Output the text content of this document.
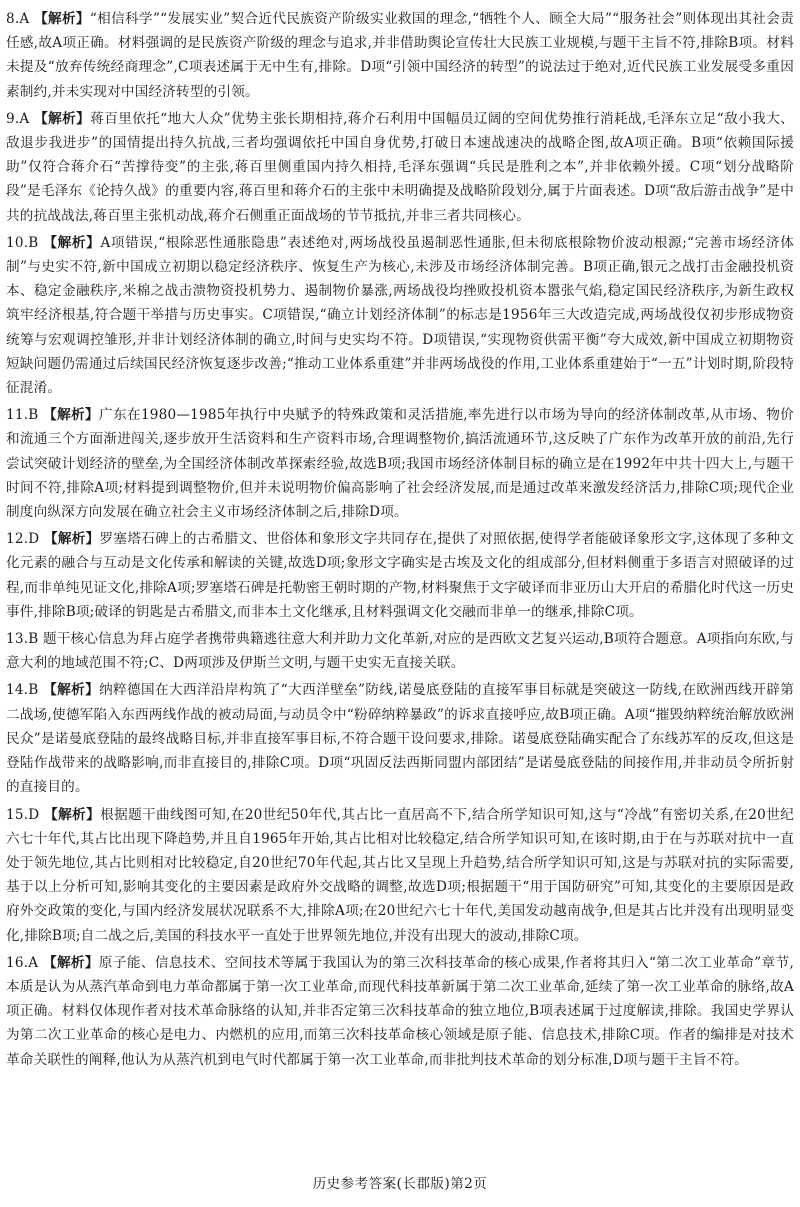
8.A 【解析】“相信科学”“发展实业”契合近代民族资产阶级实业救国的理念,“牺牲个人、顾全大局”“服务社会”则体现出其社会责任感,故A项正确。材料强调的是民族资产阶级的理念与追求,并非借助舆论宣传壮大民族工业规模,与题干主旨不符,排除B项。材料未提及“放弃传统经商理念”,C项表述属于无中生有,排除。D项“引领中国经济的转型”的说法过于绝对,近代民族工业发展受多重因素制约,并未实现对中国经济转型的引领。

9.A 【解析】蒋百里依托“地大人众”优势主张长期相持,蒋介石利用中国幅员辽阔的空间优势推行消耗战,毛泽东立足“敌小我大、敌退步我进步”的国情提出持久抗战,三者均强调依托中国自身优势,打破日本速战速决的战略企图,故A项正确。B项“依赖国际援助”仅符合蒋介石“苦撑待变”的主张,蒋百里侧重国内持久相持,毛泽东强调“兵民是胜利之本”,并非依赖外援。C项“划分战略阶段”是毛泽东《论持久战》的重要内容,蒋百里和蒋介石的主张中未明确提及战略阶段划分,属于片面表述。D项“敌后游击战争”是中共的抗战战法,蒋百里主张机动战,蒋介石侧重正面战场的节节抵抗,并非三者共同核心。

10.B 【解析】A项错误,“根除恶性通胀隐患”表述绝对,两场战役虽遏制恶性通胀,但未彻底根除物价波动根源;“完善市场经济体制”与史实不符,新中国成立初期以稳定经济秩序、恢复生产为核心,未涉及市场经济体制完善。B项正确,银元之战打击金融投机资本、稳定金融秩序,米棉之战击溃物资投机势力、遏制物价暴涨,两场战役均挫败投机资本嚣张气焰,稳定国民经济秩序,为新生政权筑牢经济根基,符合题干举措与历史事实。C项错误,“确立计划经济体制”的标志是1956年三大改造完成,两场战役仅初步形成物资统筹与宏观调控雏形,并非计划经济体制的确立,时间与史实均不符。D项错误,“实现物资供需平衡”夸大成效,新中国成立初期物资短缺问题仍需通过后续国民经济恢复逐步改善;“推动工业体系重建”并非两场战役的作用,工业体系重建始于“一五”计划时期,阶段特征混淆。

11.B 【解析】广东在1980—1985年执行中央赋予的特殊政策和灵活措施,率先进行以市场为导向的经济体制改革,从市场、物价和流通三个方面渐进闯关,逐步放开生活资料和生产资料市场,合理调整物价,搞活流通环节,这反映了广东作为改革开放的前沿,先行尝试突破计划经济的壁垒,为全国经济体制改革探索经验,故选B项;我国市场经济体制目标的确立是在1992年中共十四大上,与题干时间不符,排除A项;材料提到调整物价,但并未说明物价偏高影响了社会经济发展,而是通过改革来激发经济活力,排除C项;现代企业制度向纵深方向发展在确立社会主义市场经济体制之后,排除D项。

12.D 【解析】罗塞塔石碑上的古希腊文、世俗体和象形文字共同存在,提供了对照依据,使得学者能破译象形文字,这体现了多种文化元素的融合与互动是文化传承和解读的关键,故选D项;象形文字确实是古埃及文化的组成部分,但材料侧重于多语言对照破译的过程,而非单纯见证文化,排除A项;罗塞塔石碑是托勒密王朝时期的产物,材料聚焦于文字破译而非亚历山大开启的希腊化时代这一历史事件,排除B项;破译的钥匙是古希腊文,而非本土文化继承,且材料强调文化交融而非单一的继承,排除C项。

13.B 题干核心信息为拜占庭学者携带典籍逃往意大利并助力文化革新,对应的是西欧文艺复兴运动,B项符合题意。A项指向东欧,与意大利的地域范围不符;C、D两项涉及伊斯兰文明,与题干史实无直接关联。

14.B 【解析】纳粹德国在大西洋沿岸构筑了“大西洋壁垒”防线,诺曼底登陆的直接军事目标就是突破这一防线,在欧洲西线开辟第二战场,使德军陷入东西两线作战的被动局面,与动员令中“粉碎纳粹暴政”的诉求直接呼应,故B项正确。A项“摧毁纳粹统治解放欧洲民众”是诺曼底登陆的最终战略目标,并非直接军事目标,不符合题干设问要求,排除。诺曼底登陆确实配合了东线苏军的反攻,但这是登陆作战带来的战略影响,而非直接目的,排除C项。D项“巩固反法西斯同盟内部团结”是诺曼底登陆的间接作用,并非动员令所折射的直接目的。

15.D 【解析】根据题干曲线图可知,在20世纪50年代,其占比一直居高不下,结合所学知识可知,这与“冷战”有密切关系,在20世纪六七十年代,其占比出现下降趋势,并且自1965年开始,其占比相对比较稳定,结合所学知识可知,在该时期,由于在与苏联对抗中一直处于领先地位,其占比则相对比较稳定,自20世纪70年代起,其占比又呈现上升趋势,结合所学知识可知,这是与苏联对抗的实际需要,基于以上分析可知,影响其变化的主要因素是政府外交战略的调整,故选D项;根据题干“用于国防研究”可知,其变化的主要原因是政府外交政策的变化,与国内经济发展状况联系不大,排除A项;在20世纪六七十年代,美国发动越南战争,但是其占比并没有出现明显变化,排除B项;自二战之后,美国的科技水平一直处于世界领先地位,并没有出现大的波动,排除C项。

16.A 【解析】原子能、信息技术、空间技术等属于我国认为的第三次科技革命的核心成果,作者将其归入“第二次工业革命”章节,本质是认为从蒸汽革命到电力革命都属于第一次工业革命,而现代科技革新属于第二次工业革命,延续了第一次工业革命的脉络,故A项正确。材料仅体现作者对技术革命脉络的认知,并非否定第三次科技革命的独立地位,B项表述属于过度解读,排除。我国史学界认为第二次工业革命的核心是电力、内燃机的应用,而第三次科技革命核心领域是原子能、信息技术,排除C项。作者的编排是对技术革命关联性的阐释,他认为从蒸汽机到电气时代都属于第一次工业革命,而非批判技术革命的划分标准,D项与题干主旨不符。

历史参考答案(长郡版)第2页
